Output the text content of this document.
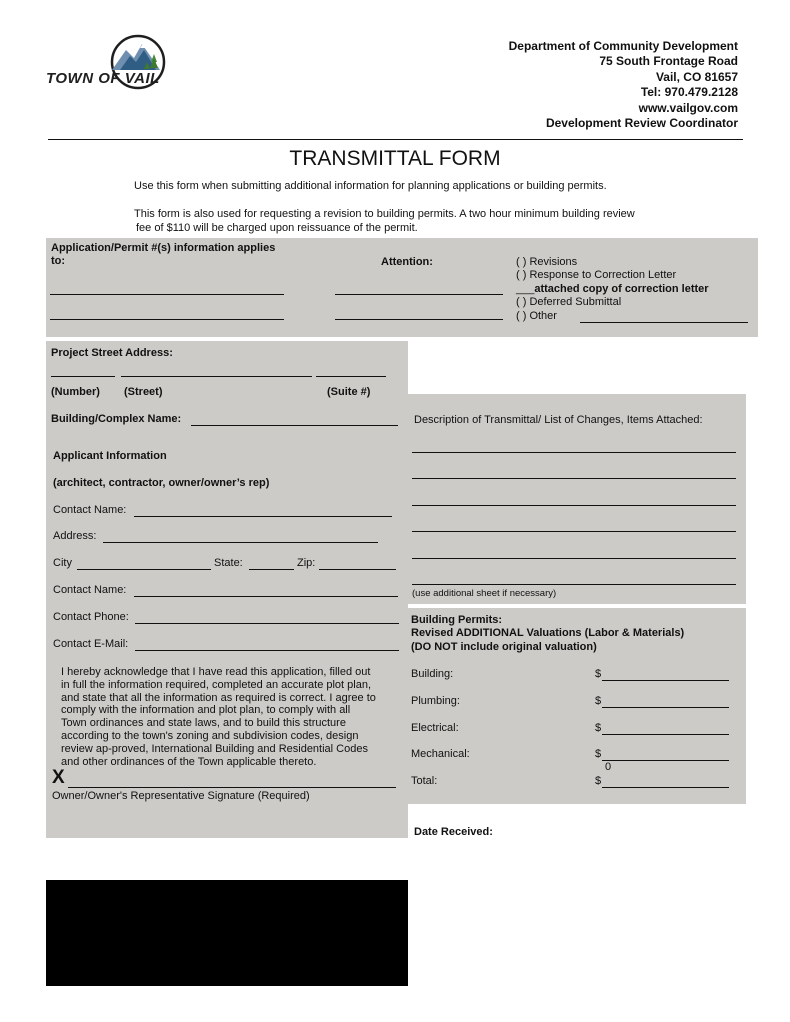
TOWN OF VAIL
Department of Community Development
75 South Frontage Road
Vail, CO 81657
Tel: 970.479.2128
www.vailgov.com
Development Review Coordinator
TRANSMITTAL FORM
Use this form when submitting additional information for planning applications or building permits.
This form is also used for requesting a revision to building permits. A two hour minimum building review
fee of $110 will be charged upon reissuance of the permit.
Application/Permit #(s) information applies
to:	Attention:	( ) Revisions
( ) Response to Correction Letter
___attached copy of correction letter
( ) Deferred Submittal
( ) Other
Project Street Address:
(Number) (Street)	(Suite #)
Building/Complex Name:
Applicant Information
(architect, contractor, owner/owner’s rep)
Contact Name:
Address:
City	State:	Zip:
Contact Name:
Contact Phone:
Contact E-Mail:
I hereby acknowledge that I have read this application, filled out
in full the information required, completed an accurate plot plan,
and state that all the information as required is correct. I agree to
comply with the information and plot plan, to comply with all
Town ordinances and state laws, and to build this structure
according to the town's zoning and subdivision codes, design
review ap-proved, International Building and Residential Codes
and other ordinances of the Town applicable thereto.
X
Owner/Owner's Representative Signature (Required)
Description of Transmittal/ List of Changes, Items Attached:
(use additional sheet if necessary)
Building Permits:
Revised ADDITIONAL Valuations (Labor & Materials)
(DO NOT include original valuation)
Building:	$
Plumbing:	$
Electrical:	$
Mechanical:	$
0
Total:	$
Date Received:
